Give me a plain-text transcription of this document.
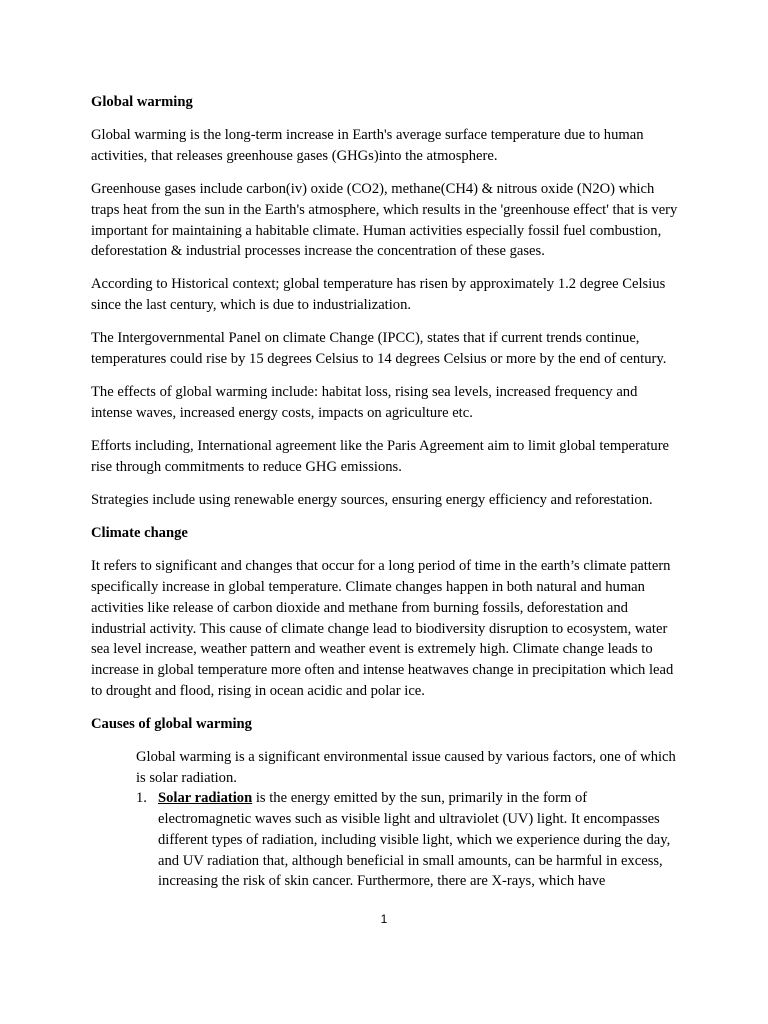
Global warming

Global warming is the long-term increase in Earth's average surface temperature due to human activities, that releases greenhouse gases (GHGs)into the atmosphere.

Greenhouse gases include carbon(iv) oxide (CO2), methane(CH4) & nitrous oxide (N2O) which traps heat from the sun in the Earth's atmosphere, which results in the 'greenhouse effect' that is very important for maintaining a habitable climate. Human activities especially fossil fuel combustion, deforestation & industrial processes increase the concentration of these gases.

According to Historical context; global temperature has risen by approximately 1.2 degree Celsius since the last century, which is due to industrialization.

The Intergovernmental Panel on climate Change (IPCC), states that if current trends continue, temperatures could rise by 15 degrees Celsius to 14 degrees Celsius or more by the end of century.

The effects of global warming include: habitat loss, rising sea levels, increased frequency and intense waves, increased energy costs, impacts on agriculture etc.

Efforts including, International agreement like the Paris Agreement aim to limit global temperature rise through commitments to reduce GHG emissions.

Strategies include using renewable energy sources, ensuring energy efficiency and reforestation.

Climate change

It refers to significant and changes that occur for a long period of time in the earth’s climate pattern specifically increase in global temperature. Climate changes happen in both natural and human activities like release of carbon dioxide and methane from burning fossils, deforestation and industrial activity. This cause of climate change lead to biodiversity disruption to ecosystem, water sea level increase, weather pattern and weather event is extremely high. Climate change leads to increase in global temperature more often and intense heatwaves change in precipitation which lead to drought and flood, rising in ocean acidic and polar ice.

Causes of global warming

Global warming is a significant environmental issue caused by various factors, one of which is solar radiation.

1. Solar radiation is the energy emitted by the sun, primarily in the form of electromagnetic waves such as visible light and ultraviolet (UV) light. It encompasses different types of radiation, including visible light, which we experience during the day, and UV radiation that, although beneficial in small amounts, can be harmful in excess, increasing the risk of skin cancer. Furthermore, there are X-rays, which have
1
